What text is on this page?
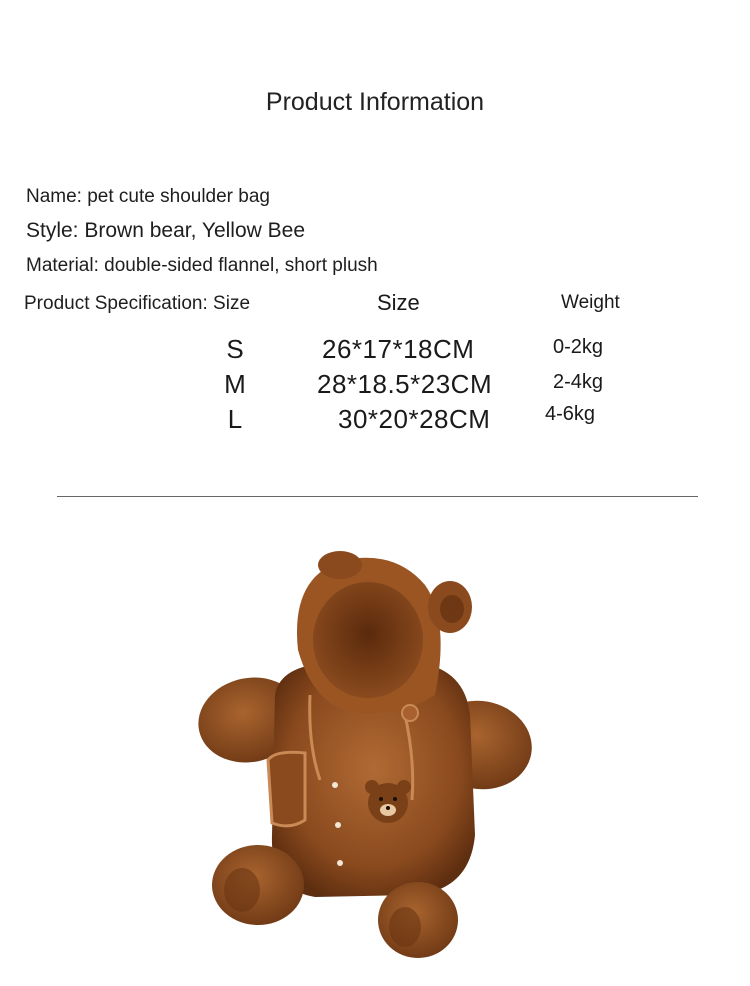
Product Information
Name: pet cute shoulder bag
Style: Brown bear, Yellow Bee
Material: double-sided flannel, short plush
Product Specification: Size	Size	Weight
S	26*17*18CM	0-2kg
M	28*18.5*23CM	2-4kg
L	30*20*28CM	4-6kg
